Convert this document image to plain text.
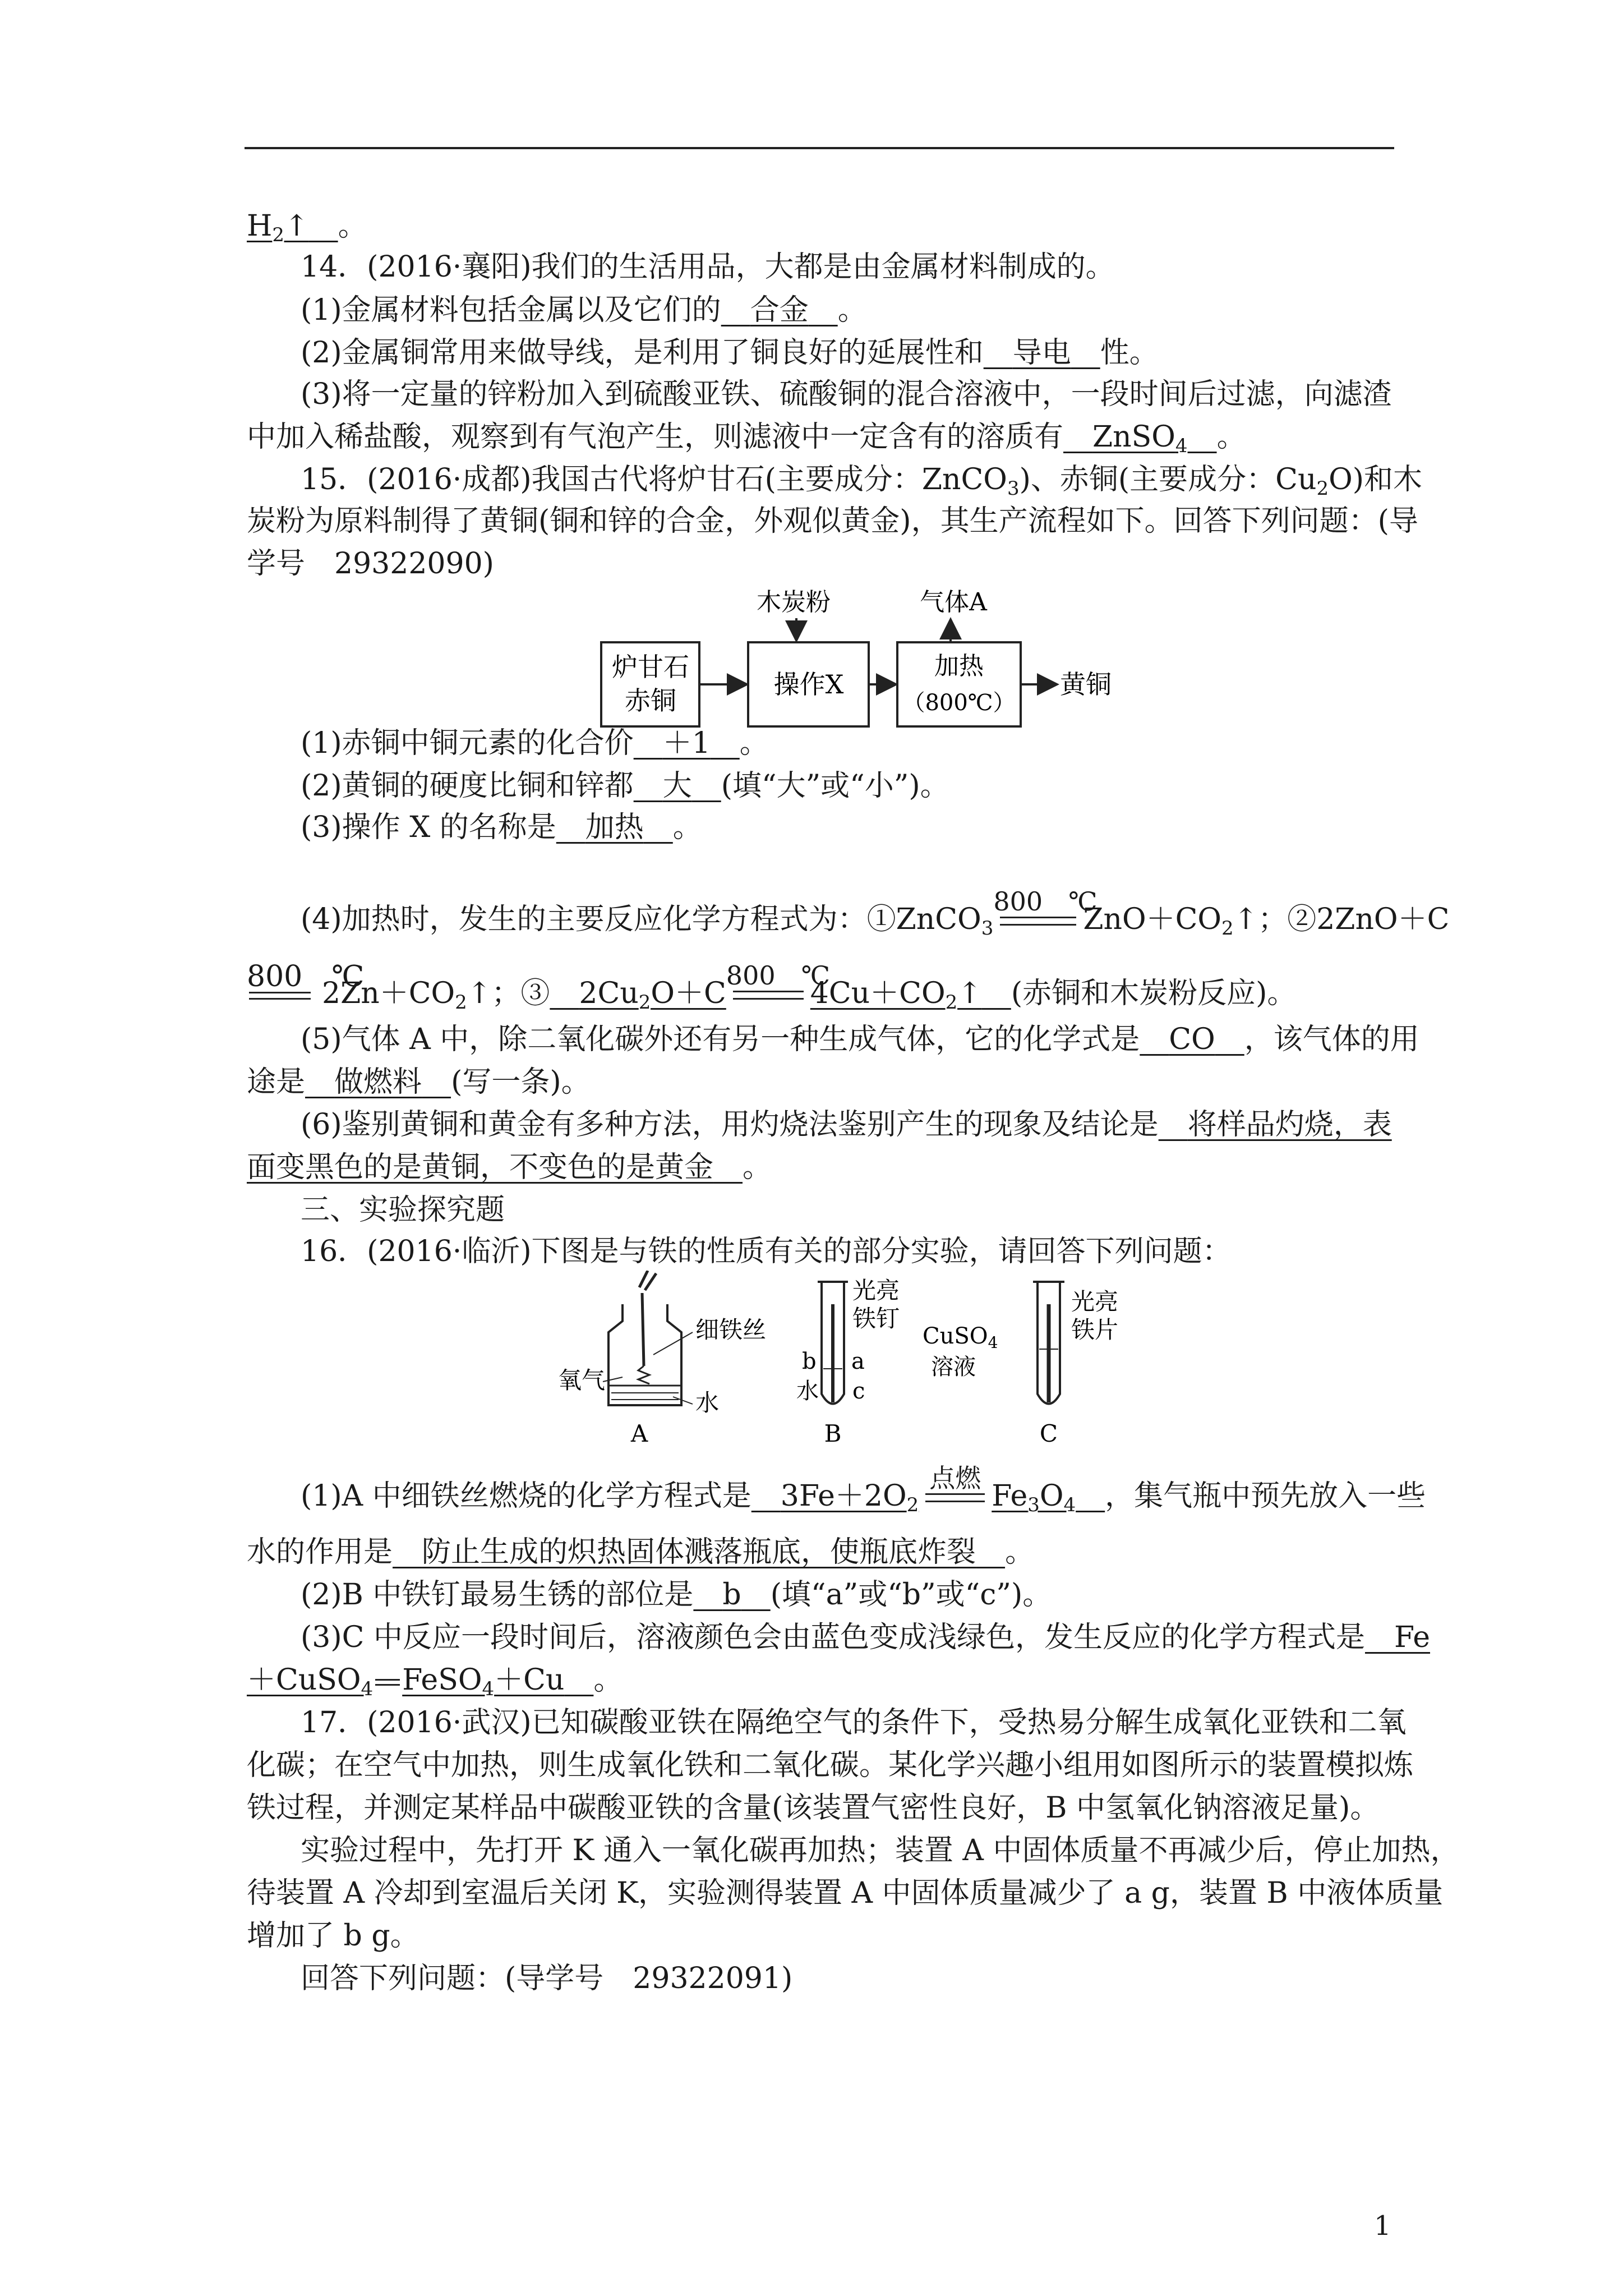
$H_2↑$　 。
14．(2016·襄阳)我们的生活用品，大都是由金属材料制成的。
(1)金属材料包括金属以及它们的　 合金　 。
(2)金属铜常用来做导线，是利用了铜良好的延展性和　 导电　 性。
(3)将一定量的锌粉加入到硫酸亚铁、硫酸铜的混合溶液中，一段时间后过滤，向滤渣
中加入稀盐酸，观察到有气泡产生，则滤液中一定含有的溶质有　 ZnSO$_4$　 。
15．(2016·成都)我国古代将炉甘石(主要成分：ZnCO$_3$)、赤铜(主要成分：$Cu_2O$)和木
炭粉为原料制得了黄铜(铜和锌的合金，外观似黄金)，其生产流程如下。回答下列问题：(导
学号　29322090)
炉甘石
赤铜
操作X
木炭粉
加热
（800℃）
气体A
黄铜
(1)赤铜中铜元素的化合价　 ＋1　 。
(2)黄铜的硬度比铜和锌都　 大　 (填“大”或“小”)。
(3)操作 X 的名称是　 加热　 。
(4)加热时，发生的主要反应化学方程式为：①ZnCO$_3$
800　℃
$ZnO+CO_2↑$；②2ZnO＋C
800　℃
$2Zn+CO_2↑$；③　 $2Cu_2O+C$
800　℃
$4Cu+CO_2↑$　 (赤铜和木炭粉反应)。
(5)气体 A 中，除二氧化碳外还有另一种生成气体，它的化学式是　 CO　 ，该气体的用
途是　 做燃料　 (写一条)。
(6)鉴别黄铜和黄金有多种方法，用灼烧法鉴别产生的现象及结论是　 将样品灼烧，表
面变黑色的是黄铜，不变色的是黄金　 。
三、实验探究题
16．(2016·临沂)下图是与铁的性质有关的部分实验，请回答下列问题：
细铁丝
氧气
水
A
光亮
铁钉
b a
水 c
B
CuSO$_4$
溶液
光亮
铁片
C
(1)A 中细铁丝燃烧的化学方程式是　 $3Fe+2O_2$
点燃
$Fe_3O_4$　 ，集气瓶中预先放入一些
水的作用是　 防止生成的炽热固体溅落瓶底，使瓶底炸裂　 。
(2)B 中铁钉最易生锈的部位是　 b　 (填“a”或“b”或“c”)。
(3)C 中反应一段时间后，溶液颜色会由蓝色变成浅绿色，发生反应的化学方程式是　 Fe
＋CuSO$_4$ FeSO$_4$＋Cu　 。
17．(2016·武汉)已知碳酸亚铁在隔绝空气的条件下，受热易分解生成氧化亚铁和二氧
化碳；在空气中加热，则生成氧化铁和二氧化碳。某化学兴趣小组用如图所示的装置模拟炼
铁过程，并测定某样品中碳酸亚铁的含量(该装置气密性良好，B 中氢氧化钠溶液足量)。
实验过程中，先打开 K 通入一氧化碳再加热；装置 A 中固体质量不再减少后，停止加热，
待装置 A 冷却到室温后关闭 K，实验测得装置 A 中固体质量减少了 a g，装置 B 中液体质量
增加了 b g。
回答下列问题：(导学号　29322091)
1
